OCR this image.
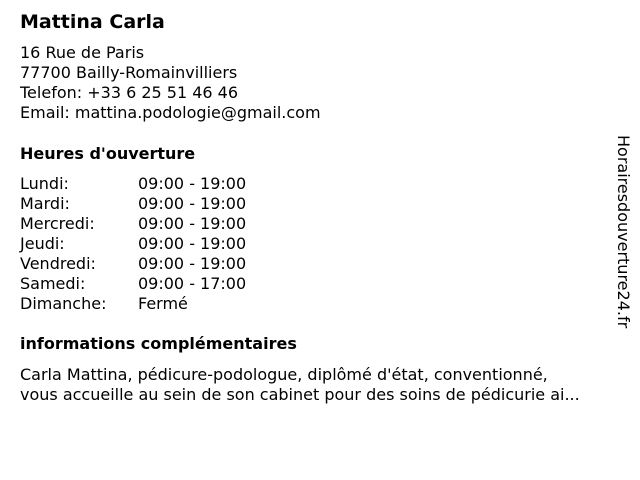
Mattina Carla
16 Rue de Paris
77700 Bailly-Romainvilliers
Telefon: +33 6 25 51 46 46
Email: mattina.podologie@gmail.com
Heures d'ouverture
Lundi:	09:00 - 19:00
Mardi:	09:00 - 19:00
Mercredi:	09:00 - 19:00
Jeudi:	09:00 - 19:00
Vendredi:	09:00 - 19:00
Samedi:	09:00 - 17:00
Dimanche:	Fermé
informations complémentaires
Carla Mattina, pédicure-podologue, diplômé d'état, conventionné,
vous accueille au sein de son cabinet pour des soins de pédicurie ai...
Horairesdouverture24.fr
